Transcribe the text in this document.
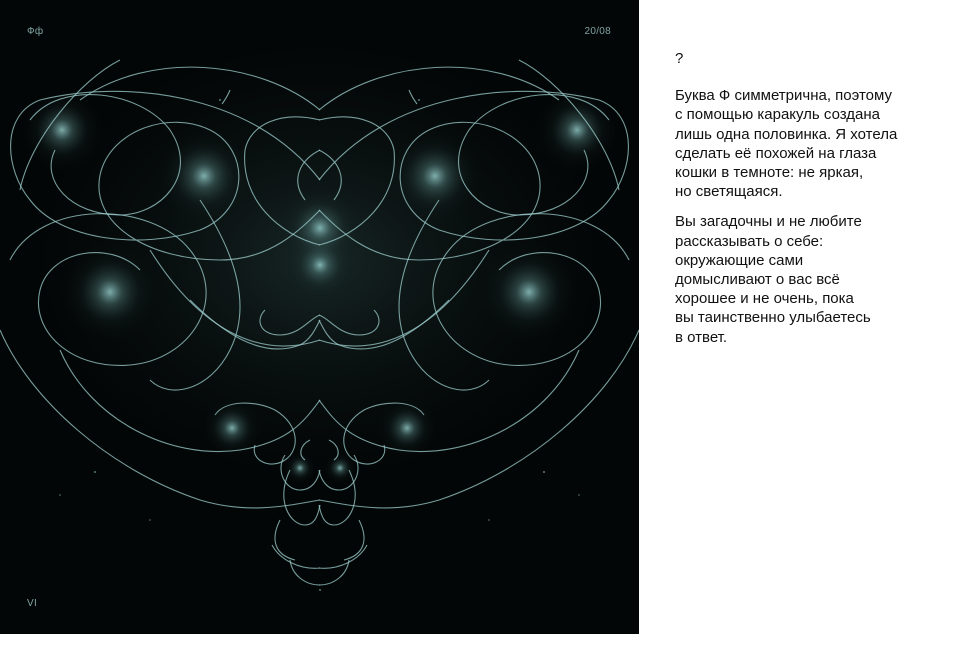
Фф	20/08
VI
?
Буква Ф симметрична, поэтому
с помощью каракуль создана
лишь одна половинка. Я хотела
сделать её похожей на глаза
кошки в темноте: не яркая,
но светящаяся.
Вы загадочны и не любите
рассказывать о себе:
окружающие сами
домысливают о вас всё
хорошее и не очень, пока
вы таинственно улыбаетесь
в ответ.
